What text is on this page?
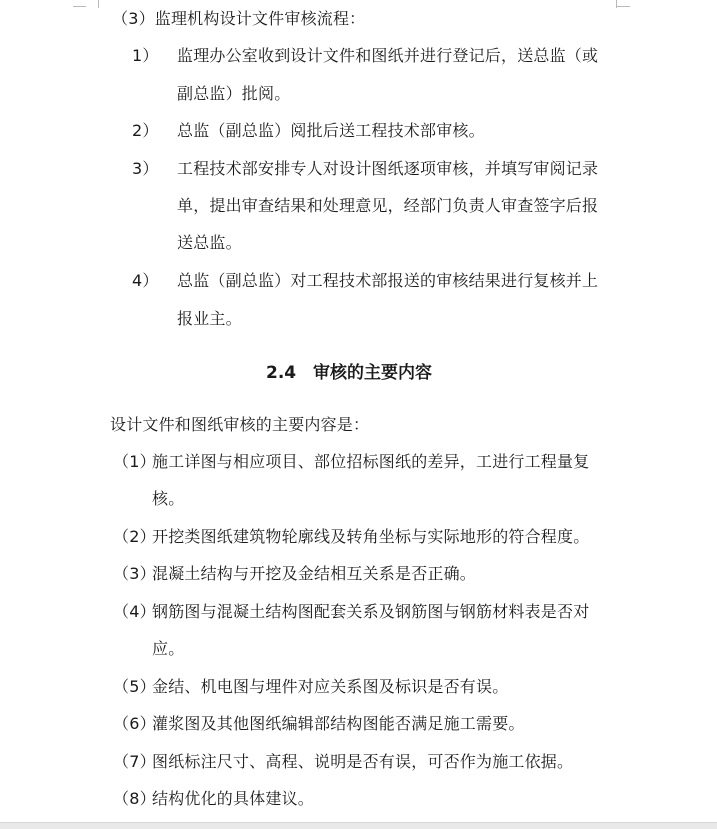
（3）监理机构设计文件审核流程：
1） 监理办公室收到设计文件和图纸并进行登记后，送总监（或
副总监）批阅。
2） 总监（副总监）阅批后送工程技术部审核。
3） 工程技术部安排专人对设计图纸逐项审核，并填写审阅记录
单，提出审查结果和处理意见，经部门负责人审查签字后报
送总监。
4） 总监（副总监）对工程技术部报送的审核结果进行复核并上
报业主。
2.4 审核的主要内容
设计文件和图纸审核的主要内容是：
（1）
施工详图与相应项目、部位招标图纸的差异，工进行工程量复
核。
（2）
开挖类图纸建筑物轮廓线及转角坐标与实际地形的符合程度。
（3）
混凝土结构与开挖及金结相互关系是否正确。
（4）
钢筋图与混凝土结构图配套关系及钢筋图与钢筋材料表是否对
应。
（5）
金结、机电图与埋件对应关系图及标识是否有误。
（6）
灌浆图及其他图纸编辑部结构图能否满足施工需要。
（7）
图纸标注尺寸、高程、说明是否有误，可否作为施工依据。
（8）
结构优化的具体建议。
